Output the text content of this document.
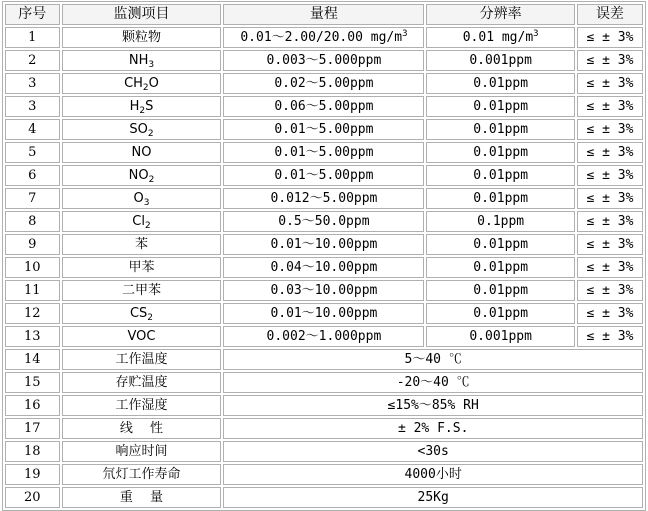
序号	监测项目	量程	分辨率	误差
1	颗粒物	0.01～2.00/20.00 $mg/m^3$	0.01 $mg/m^3$	≤ ± 3%
2	$NH_3$	0.003～5.000ppm	0.001ppm	≤ ± 3%
3	$CH_2O$	0.02～5.00ppm	0.01ppm	≤ ± 3%
3	$H_2S$	0.06～5.00ppm	0.01ppm	≤ ± 3%
4	$SO_2$	0.01～5.00ppm	0.01ppm	≤ ± 3%
5	NO	0.01～5.00ppm	0.01ppm	≤ ± 3%
6	$NO_2$	0.01～5.00ppm	0.01ppm	≤ ± 3%
7	$O_3$	0.012～5.00ppm	0.01ppm	≤ ± 3%
8	$Cl_2$	0.5～50.0ppm	0.1ppm	≤ ± 3%
9	苯	0.01～10.00ppm	0.01ppm	≤ ± 3%
10	甲苯	0.04～10.00ppm	0.01ppm	≤ ± 3%
11	二甲苯	0.03～10.00ppm	0.01ppm	≤ ± 3%
12	$CS_2$	0.01～10.00ppm	0.01ppm	≤ ± 3%
13	VOC	0.002～1.000ppm	0.001ppm	≤ ± 3%
14	工作温度	5～40 ℃		
15	存贮温度	-20～40 ℃		
16	工作湿度	≤15%～85% RH		
17	线　 性	± 2% F.S.		
18	响应时间	<30s		
19	氘灯工作寿命	4000小时		
20	重　 量	25Kg		
